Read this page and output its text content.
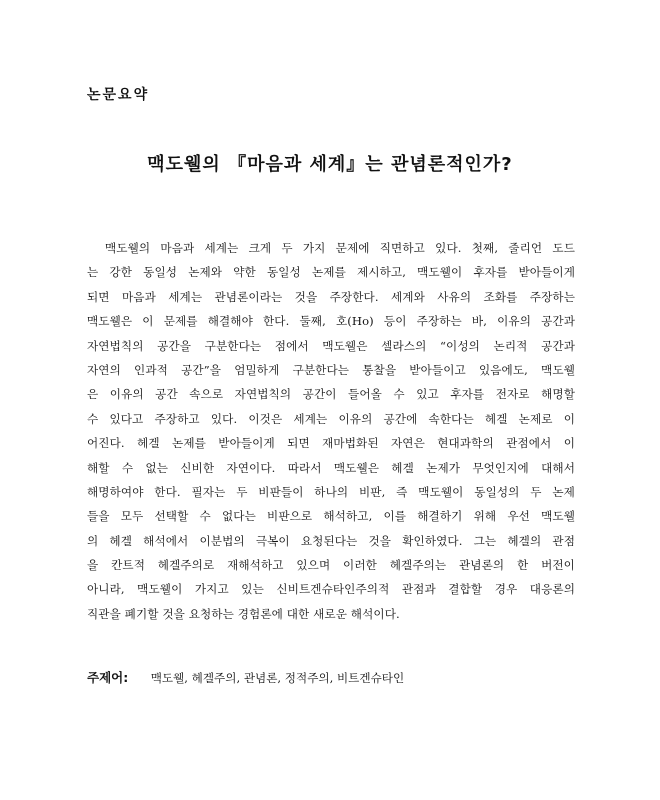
논문요약
맥도웰의 『마음과 세계』는 관념론적인가?
맥도웰의 마음과 세계는 크게 두 가지 문제에 직면하고 있다. 첫째, 줄리언 도드
는 강한 동일성 논제와 약한 동일성 논제를 제시하고, 맥도웰이 후자를 받아들이게
되면 마음과 세계는 관념론이라는 것을 주장한다. 세계와 사유의 조화를 주장하는
맥도웰은 이 문제를 해결해야 한다. 둘째, 호(Ho) 등이 주장하는 바, 이유의 공간과
자연법칙의 공간을 구분한다는 점에서 맥도웰은 셀라스의 “이성의 논리적 공간과
자연의 인과적 공간”을 엄밀하게 구분한다는 통찰을 받아들이고 있음에도, 맥도웰
은 이유의 공간 속으로 자연법칙의 공간이 들어올 수 있고 후자를 전자로 해명할
수 있다고 주장하고 있다. 이것은 세계는 이유의 공간에 속한다는 헤겔 논제로 이
어진다. 헤겔 논제를 받아들이게 되면 재마법화된 자연은 현대과학의 관점에서 이
해할 수 없는 신비한 자연이다. 따라서 맥도웰은 헤겔 논제가 무엇인지에 대해서
해명하여야 한다. 필자는 두 비판들이 하나의 비판, 즉 맥도웰이 동일성의 두 논제
들을 모두 선택할 수 없다는 비판으로 해석하고, 이를 해결하기 위해 우선 맥도웰
의 헤겔 해석에서 이분법의 극복이 요청된다는 것을 확인하였다. 그는 헤겔의 관점
을 칸트적 헤겔주의로 재해석하고 있으며 이러한 헤겔주의는 관념론의 한 버전이
아니라, 맥도웰이 가지고 있는 신비트겐슈타인주의적 관점과 결합할 경우 대응론의
직관을 폐기할 것을 요청하는 경험론에 대한 새로운 해석이다.
주제어: 맥도웰, 헤겔주의, 관념론, 정적주의, 비트겐슈타인
